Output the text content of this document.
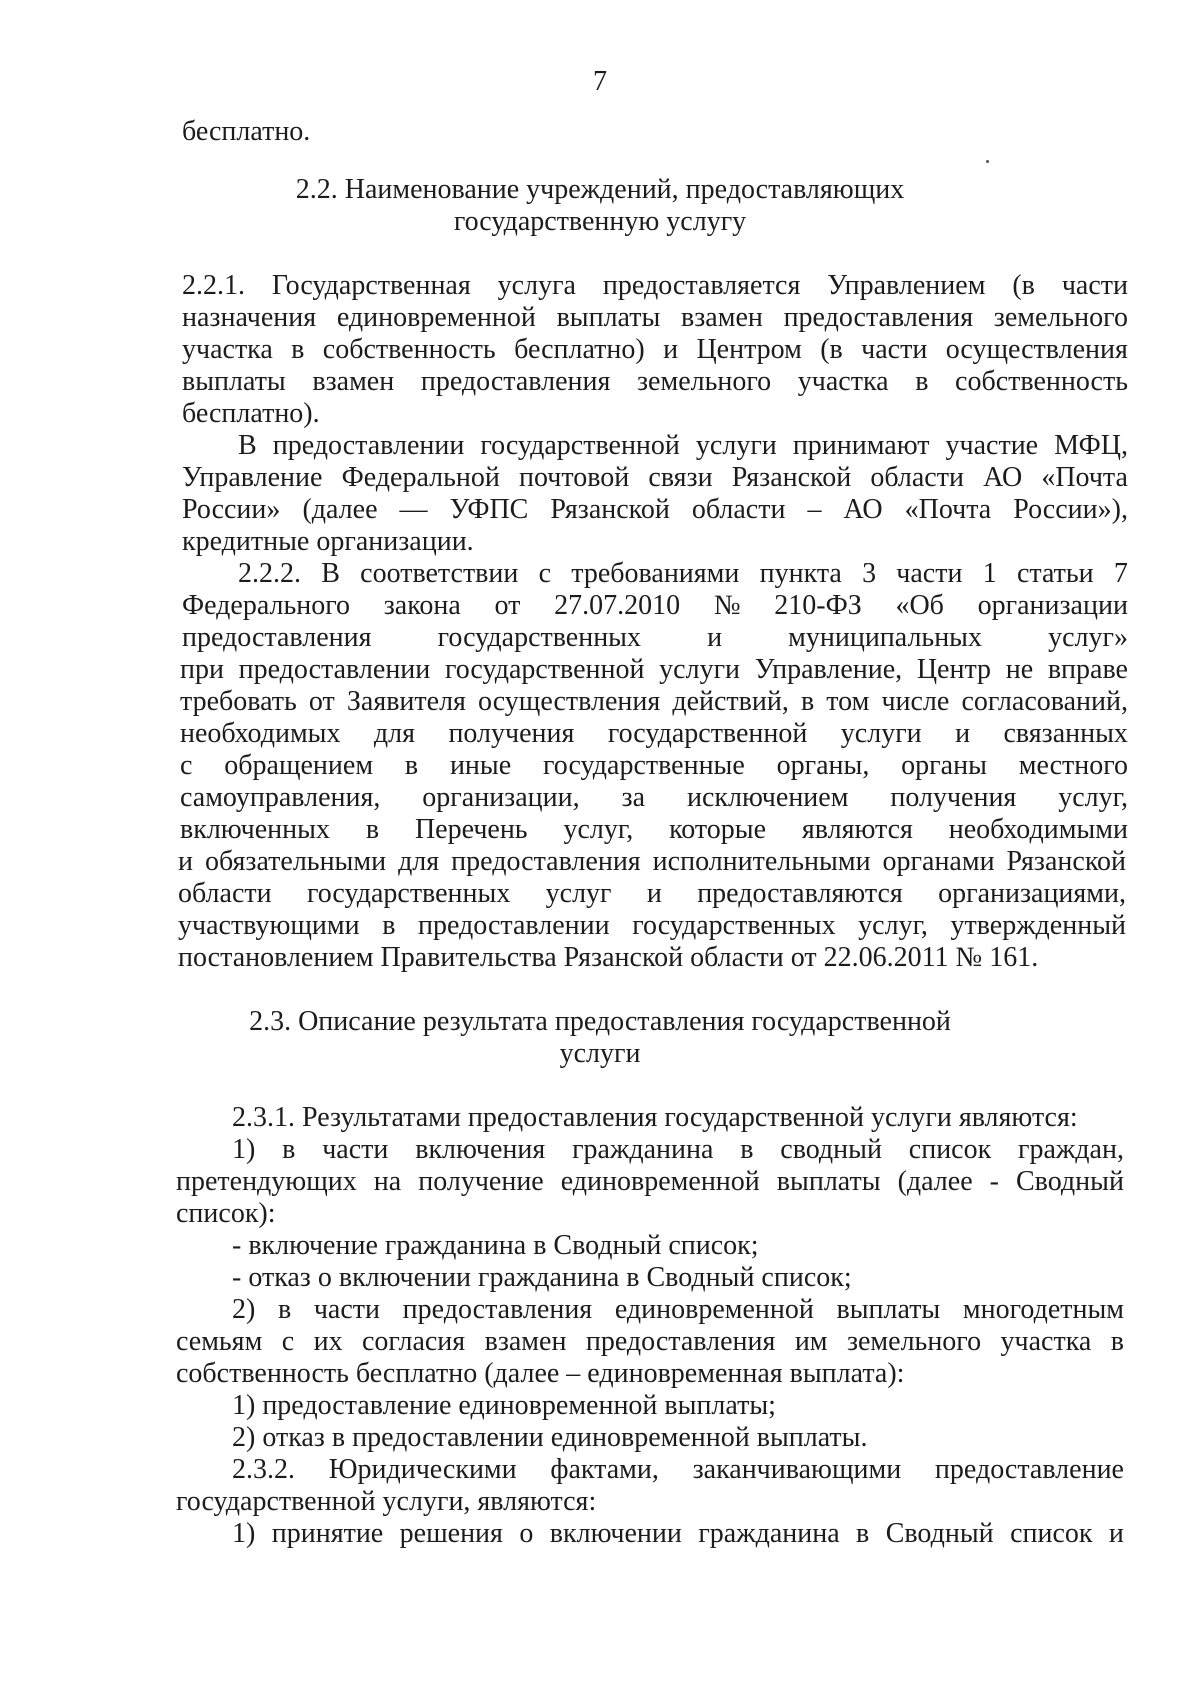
7
бесплатно.
2.2. Наименование учреждений, предоставляющих
государственную услугу
2.2.1. Государственная услуга предоставляется Управлением (в части
назначения единовременной выплаты взамен предоставления земельного
участка в собственность бесплатно) и Центром (в части осуществления
выплаты взамен предоставления земельного участка в собственность
бесплатно).
В предоставлении государственной услуги принимают участие МФЦ,
Управление Федеральной почтовой связи Рязанской области АО «Почта
России» (далее — УФПС Рязанской области – АО «Почта России»),
кредитные организации.
2.2.2. В соответствии с требованиями пункта 3 части 1 статьи 7
Федерального закона от 27.07.2010 № 210-ФЗ «Об организации
предоставления государственных и муниципальных услуг»
при предоставлении государственной услуги Управление, Центр не вправе
требовать от Заявителя осуществления действий, в том числе согласований,
необходимых для получения государственной услуги и связанных
с обращением в иные государственные органы, органы местного
самоуправления, организации, за исключением получения услуг,
включенных в Перечень услуг, которые являются необходимыми
и обязательными для предоставления исполнительными органами Рязанской
области государственных услуг и предоставляются организациями,
участвующими в предоставлении государственных услуг, утвержденный
постановлением Правительства Рязанской области от 22.06.2011 № 161.
2.3. Описание результата предоставления государственной
услуги
2.3.1. Результатами предоставления государственной услуги являются:
1) в части включения гражданина в сводный список граждан,
претендующих на получение единовременной выплаты (далее - Сводный
список):
- включение гражданина в Сводный список;
- отказ о включении гражданина в Сводный список;
2) в части предоставления единовременной выплаты многодетным
семьям с их согласия взамен предоставления им земельного участка в
собственность бесплатно (далее – единовременная выплата):
1) предоставление единовременной выплаты;
2) отказ в предоставлении единовременной выплаты.
2.3.2. Юридическими фактами, заканчивающими предоставление
государственной услуги, являются:
1) принятие решения о включении гражданина в Сводный список и
